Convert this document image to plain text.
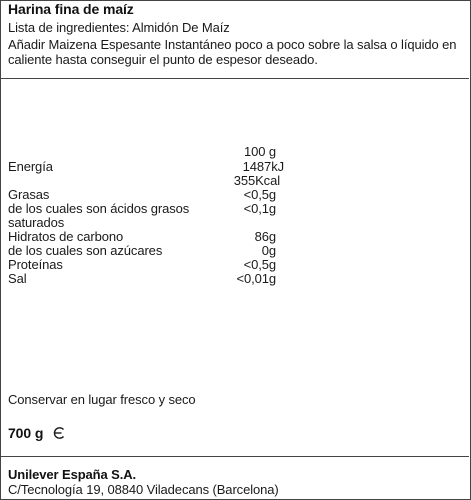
Harina fina de maíz

Lista de ingredientes: Almidón De Maíz

Añadir Maizena Espesante Instantáneo poco a poco sobre la salsa o líquido en

caliente hasta conseguir el punto de espesor deseado.

100 g

Energía	1487kJ

355Kcal

Grasas	<0,5g

de los cuales son ácidos grasos	<0,1g

saturados

Hidratos de carbono	86g

de los cuales son azúcares	0g

Proteínas	<0,5g

Sal	<0,01g

Conservar en lugar fresco y seco

700 g

Unilever España S.A.

C/Tecnología 19, 08840 Viladecans (Barcelona)
